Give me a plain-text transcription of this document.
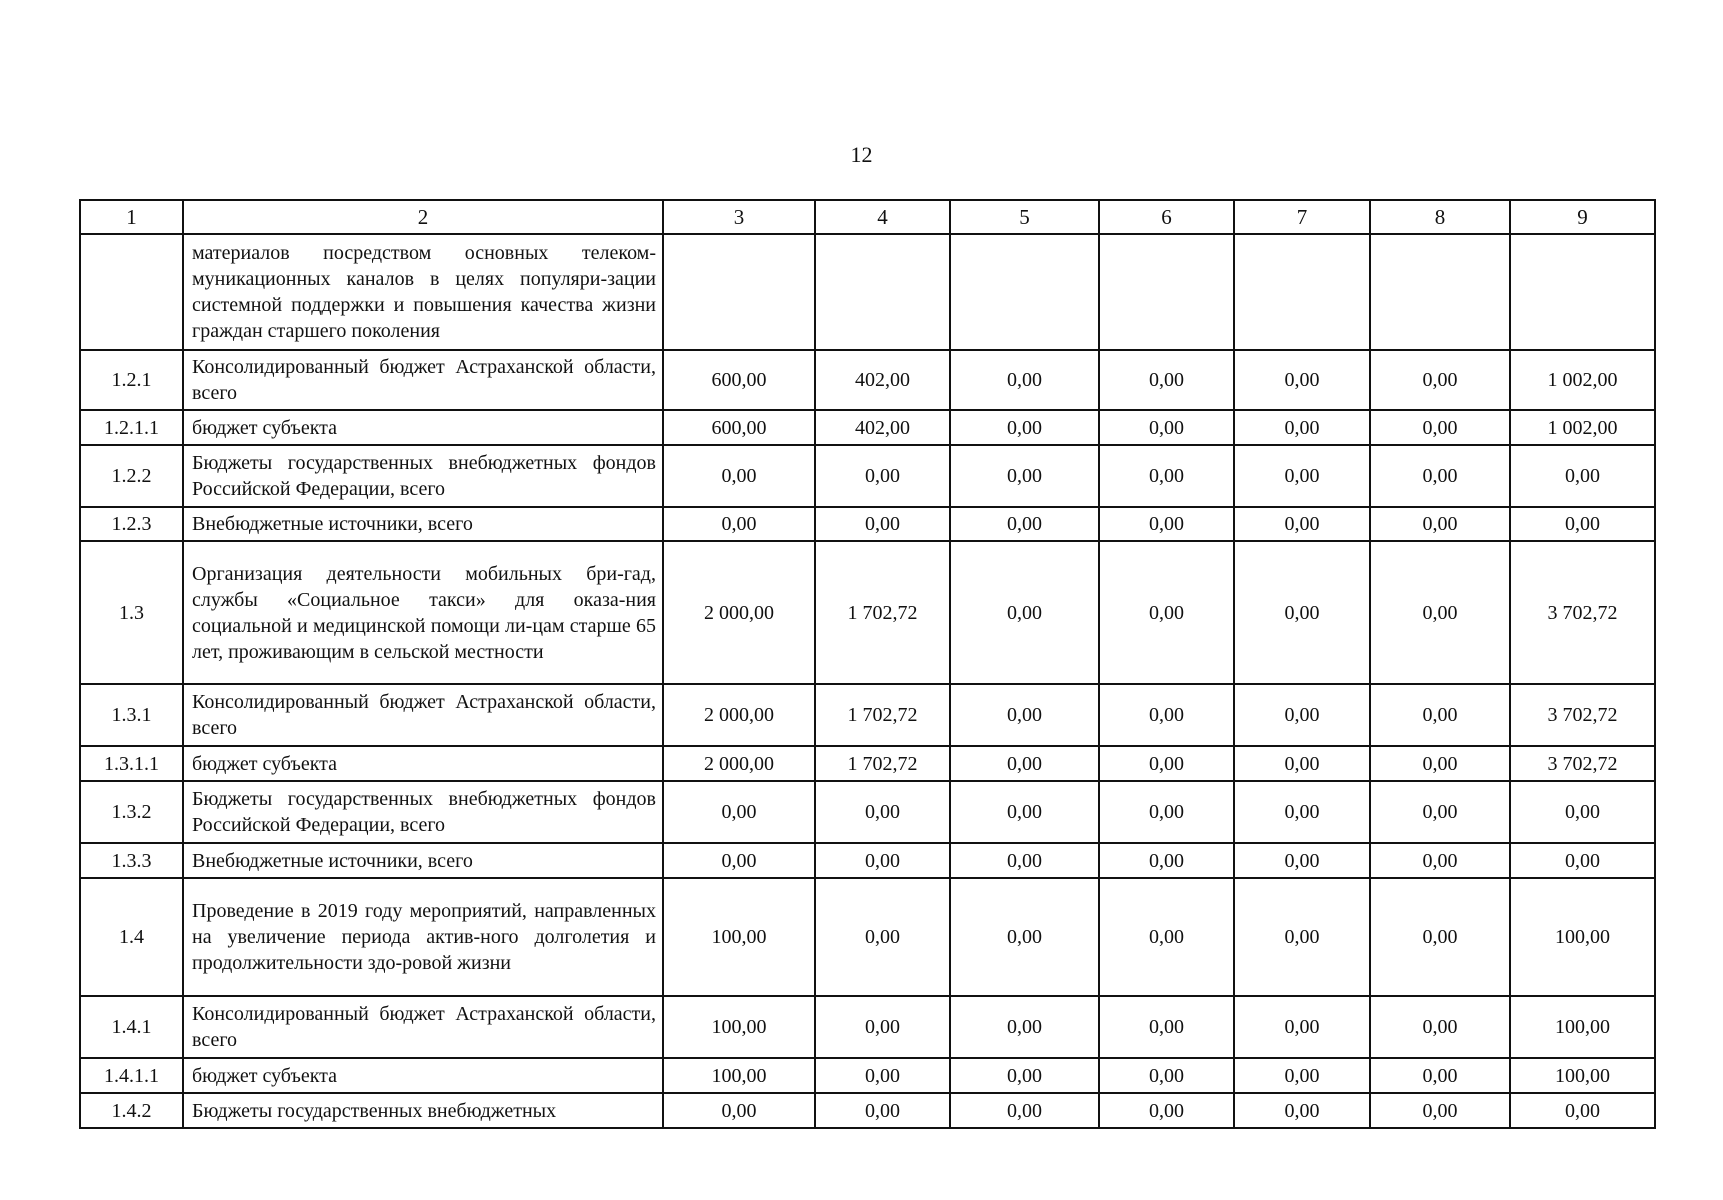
12
1	2	3	4	5	6	7	8	9
	материалов посредством основных телеком-муникационных каналов в целях популяри-зации системной поддержки и повышения качества жизни граждан старшего поколения							
1.2.1	Консолидированный бюджет Астраханской области, всего	600,00	402,00	0,00	0,00	0,00	0,00	1 002,00
1.2.1.1	бюджет субъекта	600,00	402,00	0,00	0,00	0,00	0,00	1 002,00
1.2.2	Бюджеты государственных внебюджетных фондов Российской Федерации, всего	0,00	0,00	0,00	0,00	0,00	0,00	0,00
1.2.3	Внебюджетные источники, всего	0,00	0,00	0,00	0,00	0,00	0,00	0,00
1.3	Организация деятельности мобильных бри-гад, службы «Социальное такси» для оказа-ния социальной и медицинской помощи ли-цам старше 65 лет, проживающим в сельской местности	2 000,00	1 702,72	0,00	0,00	0,00	0,00	3 702,72
1.3.1	Консолидированный бюджет Астраханской области, всего	2 000,00	1 702,72	0,00	0,00	0,00	0,00	3 702,72
1.3.1.1	бюджет субъекта	2 000,00	1 702,72	0,00	0,00	0,00	0,00	3 702,72
1.3.2	Бюджеты государственных внебюджетных фондов Российской Федерации, всего	0,00	0,00	0,00	0,00	0,00	0,00	0,00
1.3.3	Внебюджетные источники, всего	0,00	0,00	0,00	0,00	0,00	0,00	0,00
1.4	Проведение в 2019 году мероприятий, направленных на увеличение периода актив-ного долголетия и продолжительности здо-ровой жизни	100,00	0,00	0,00	0,00	0,00	0,00	100,00
1.4.1	Консолидированный бюджет Астраханской области, всего	100,00	0,00	0,00	0,00	0,00	0,00	100,00
1.4.1.1	бюджет субъекта	100,00	0,00	0,00	0,00	0,00	0,00	100,00
1.4.2	Бюджеты государственных внебюджетных	0,00	0,00	0,00	0,00	0,00	0,00	0,00
